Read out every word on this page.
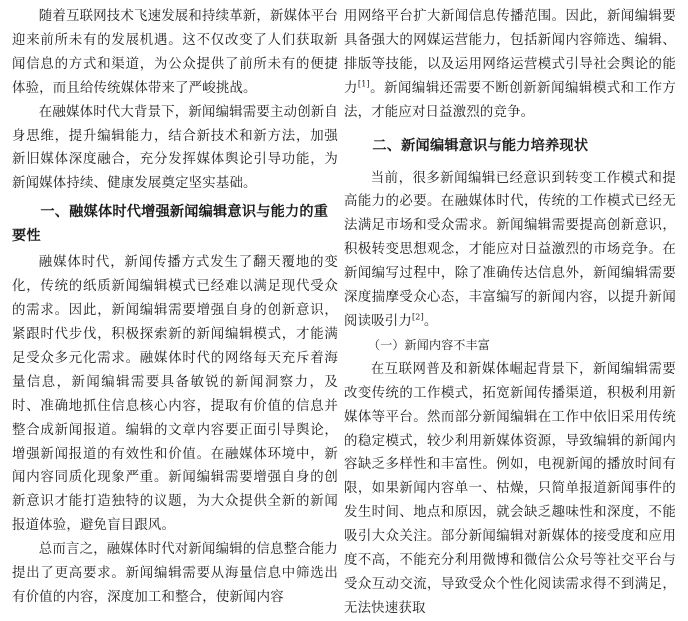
随着互联网技术飞速发展和持续革新，新媒体平台迎来前所未有的发展机遇。这不仅改变了人们获取新闻信息的方式和渠道，为公众提供了前所未有的便捷体验，而且给传统媒体带来了严峻挑战。

在融媒体时代大背景下，新闻编辑需要主动创新自身思维，提升编辑能力，结合新技术和新方法，加强新旧媒体深度融合，充分发挥媒体舆论引导功能，为新闻媒体持续、健康发展奠定坚实基础。

一、融媒体时代增强新闻编辑意识与能力的重要性

融媒体时代，新闻传播方式发生了翻天覆地的变化，传统的纸质新闻编辑模式已经难以满足现代受众的需求。因此，新闻编辑需要增强自身的创新意识，紧跟时代步伐，积极探索新的新闻编辑模式，才能满足受众多元化需求。融媒体时代的网络每天充斥着海量信息，新闻编辑需要具备敏锐的新闻洞察力，及时、准确地抓住信息核心内容，提取有价值的信息并整合成新闻报道。编辑的文章内容要正面引导舆论，增强新闻报道的有效性和价值。在融媒体环境中，新闻内容同质化现象严重。新闻编辑需要增强自身的创新意识才能打造独特的议题，为大众提供全新的新闻报道体验，避免盲目跟风。

总而言之，融媒体时代对新闻编辑的信息整合能力提出了更高要求。新闻编辑需要从海量信息中筛选出有价值的内容，深度加工和整合，使新闻内容

用网络平台扩大新闻信息传播范围。因此，新闻编辑要具备强大的网媒运营能力，包括新闻内容筛选、编辑、排版等技能，以及运用网络运营模式引导社会舆论的能力[1]。新闻编辑还需要不断创新新闻编辑模式和工作方法，才能应对日益激烈的竞争。

二、新闻编辑意识与能力培养现状

当前，很多新闻编辑已经意识到转变工作模式和提高能力的必要。在融媒体时代，传统的工作模式已经无法满足市场和受众需求。新闻编辑需要提高创新意识，积极转变思想观念，才能应对日益激烈的市场竞争。在新闻编写过程中，除了准确传达信息外，新闻编辑需要深度揣摩受众心态，丰富编写的新闻内容，以提升新闻阅读吸引力[2]。

（一）新闻内容不丰富

在互联网普及和新媒体崛起背景下，新闻编辑需要改变传统的工作模式，拓宽新闻传播渠道，积极利用新媒体等平台。然而部分新闻编辑在工作中依旧采用传统的稳定模式，较少利用新媒体资源，导致编辑的新闻内容缺乏多样性和丰富性。例如，电视新闻的播放时间有限，如果新闻内容单一、枯燥，只简单报道新闻事件的发生时间、地点和原因，就会缺乏趣味性和深度，不能吸引大众关注。部分新闻编辑对新媒体的接受度和应用度不高，不能充分利用微博和微信公众号等社交平台与受众互动交流，导致受众个性化阅读需求得不到满足，无法快速获取
